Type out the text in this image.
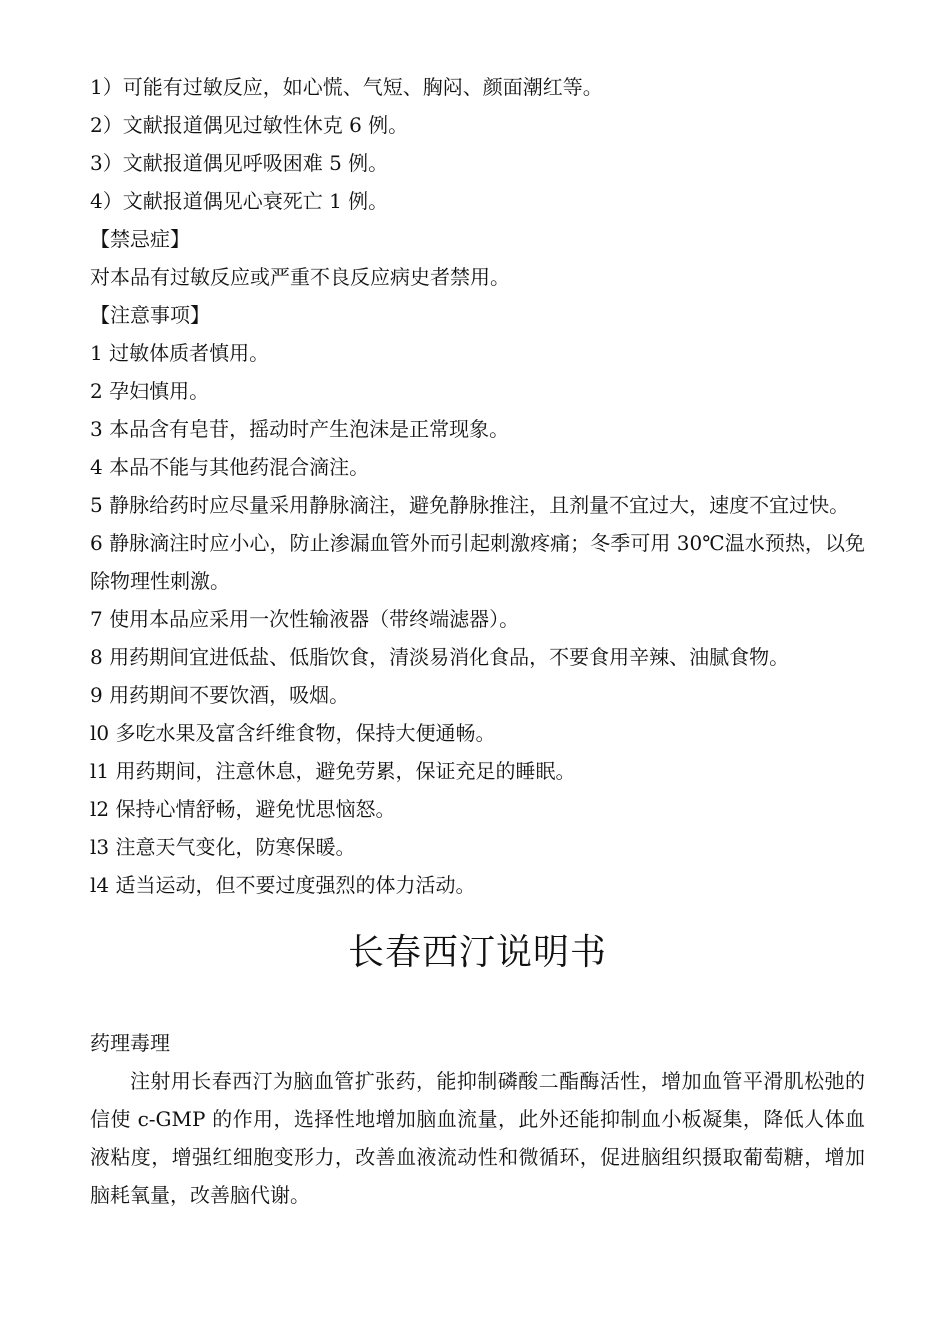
1）可能有过敏反应，如心慌、气短、胸闷、颜面潮红等。
2）文献报道偶见过敏性休克 6 例。
3）文献报道偶见呼吸困难 5 例。
4）文献报道偶见心衰死亡 1 例。
【禁忌症】
对本品有过敏反应或严重不良反应病史者禁用。
【注意事项】
1 过敏体质者慎用。
2 孕妇慎用。
3 本品含有皂苷，摇动时产生泡沫是正常现象。
4 本品不能与其他药混合滴注。
5 静脉给药时应尽量采用静脉滴注，避免静脉推注，且剂量不宜过大，速度不宜过快。
6 静脉滴注时应小心，防止渗漏血管外而引起刺激疼痛；冬季可用 30℃温水预热，以免除物理性刺激。
7 使用本品应采用一次性输液器（带终端滤器）。
8 用药期间宜进低盐、低脂饮食，清淡易消化食品，不要食用辛辣、油腻食物。
9 用药期间不要饮酒，吸烟。
l0 多吃水果及富含纤维食物，保持大便通畅。
l1 用药期间，注意休息，避免劳累，保证充足的睡眠。
l2 保持心情舒畅，避免忧思恼怒。
l3 注意天气变化，防寒保暖。
l4 适当运动，但不要过度强烈的体力活动。
长春西汀说明书
药理毒理
注射用长春西汀为脑血管扩张药，能抑制磷酸二酯酶活性，增加血管平滑肌松弛的信使 c-GMP 的作用，选择性地增加脑血流量，此外还能抑制血小板凝集，降低人体血液粘度，增强红细胞变形力，改善血液流动性和微循环，促进脑组织摄取葡萄糖，增加脑耗氧量，改善脑代谢。
